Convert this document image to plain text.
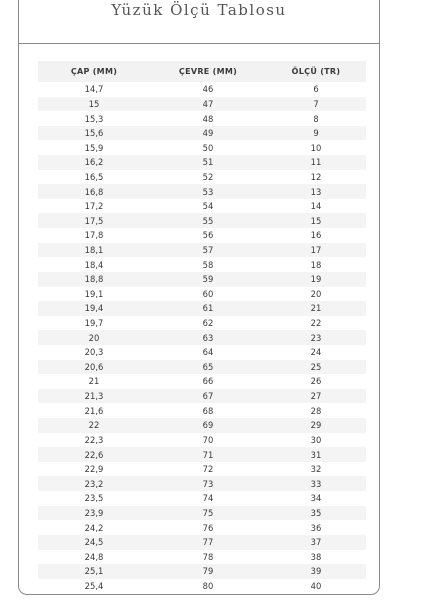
Yüzük Ölçü Tablosu
ÇAP (MM)	ÇEVRE (MM)	ÖLÇÜ (TR)
14,7	46	6
15	47	7
15,3	48	8
15,6	49	9
15,9	50	10
16,2	51	11
16,5	52	12
16,8	53	13
17,2	54	14
17,5	55	15
17,8	56	16
18,1	57	17
18,4	58	18
18,8	59	19
19,1	60	20
19,4	61	21
19,7	62	22
20	63	23
20,3	64	24
20,6	65	25
21	66	26
21,3	67	27
21,6	68	28
22	69	29
22,3	70	30
22,6	71	31
22,9	72	32
23,2	73	33
23,5	74	34
23,9	75	35
24,2	76	36
24,5	77	37
24,8	78	38
25,1	79	39
25,4	80	40
